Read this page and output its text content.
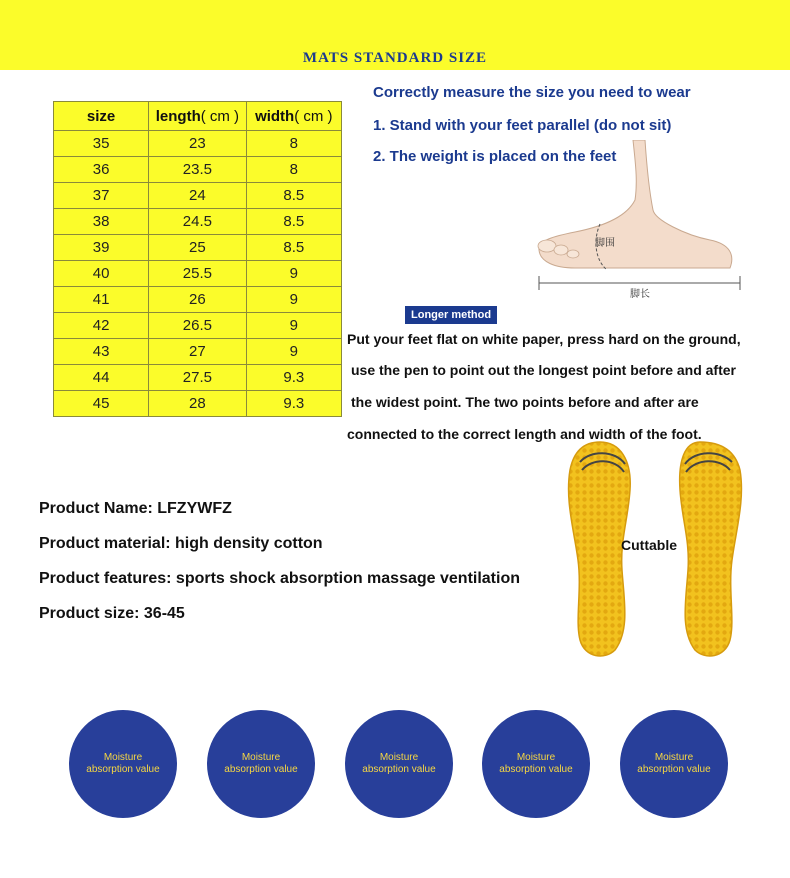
MATS STANDARD SIZE
size	length( cm )	width( cm )
35	23	8
36	23.5	8
37	24	8.5
38	24.5	8.5
39	25	8.5
40	25.5	9
41	26	9
42	26.5	9
43	27	9
44	27.5	9.3
45	28	9.3
Correctly measure the size you need to wear
1. Stand with your feet parallel (do not sit)
2. The weight is placed on the feet
脚围
脚长
Longer method
Put your feet flat on white paper, press hard on the ground,
use the pen to point out the longest point before and after
the widest point. The two points before and after are
connected to the correct length and width of the foot.
Product Name: LFZYWFZ
Product material: high density cotton
Product features: sports shock absorption massage ventilation
Product size: 36-45
Cuttable
Moisture
absorption value
Moisture
absorption value
Moisture
absorption value
Moisture
absorption value
Moisture
absorption value
